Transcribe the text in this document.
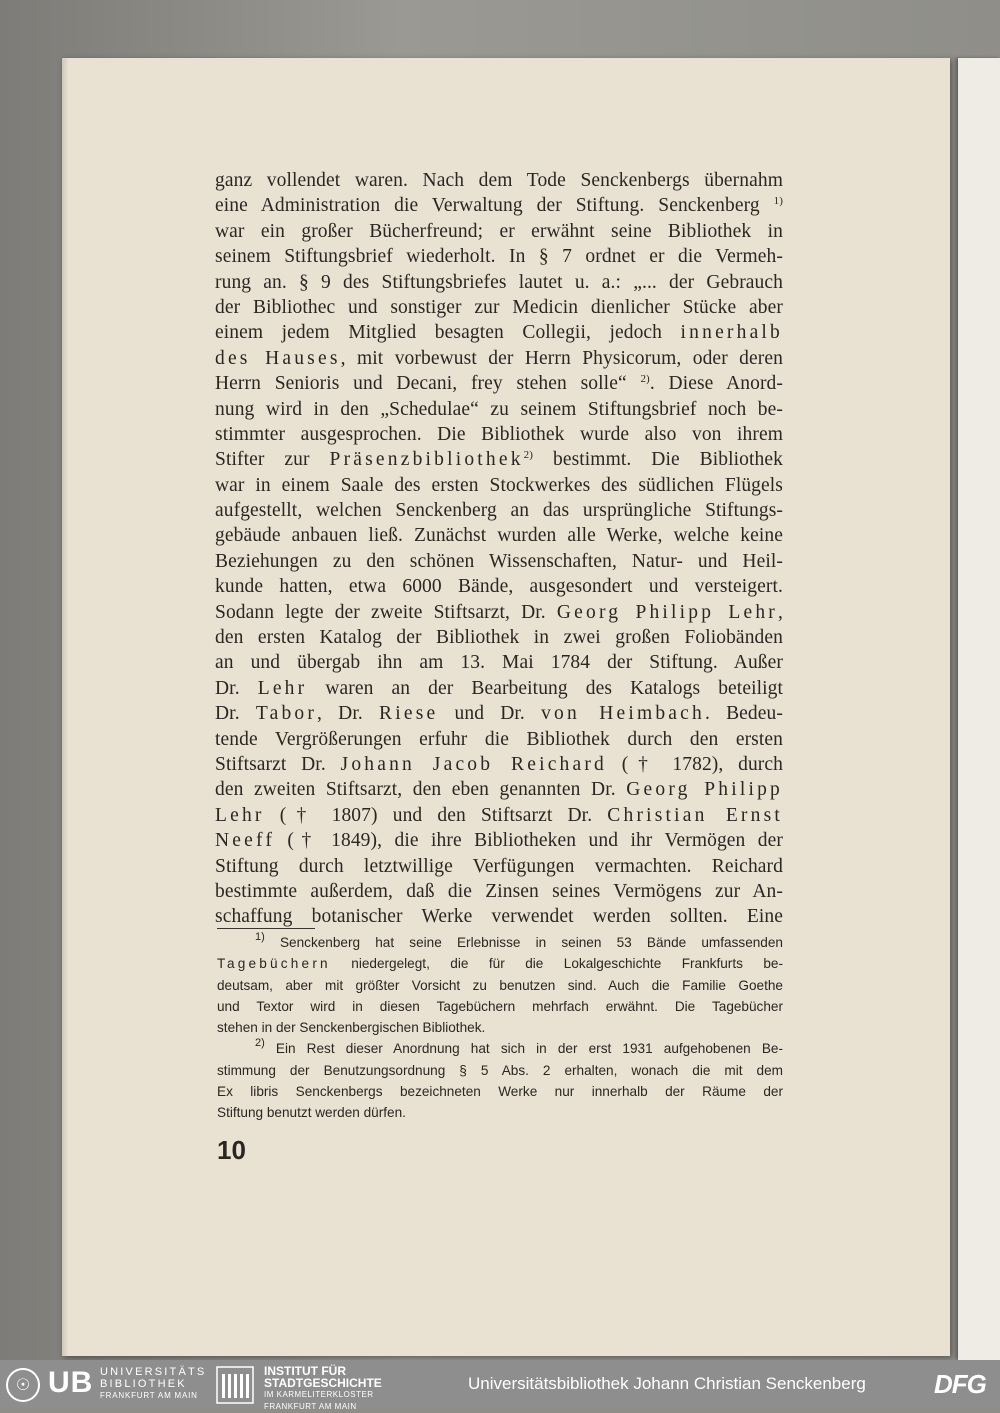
ganz vollendet waren. Nach dem Tode Senckenbergs übernahm
eine Administration die Verwaltung der Stiftung. Senckenberg $^{1)}$
war ein großer Bücherfreund; er erwähnt seine Bibliothek in
seinem Stiftungsbrief wiederholt. In § 7 ordnet er die Vermeh-
rung an. § 9 des Stiftungsbriefes lautet u. a.: „... der Gebrauch
der Bibliothec und sonstiger zur Medicin dienlicher Stücke aber
einem jedem Mitglied besagten Collegii, jedoch innerhalb
des Hauses, mit vorbewust der Herrn Physicorum, oder deren
Herrn Senioris und Decani, frey stehen solle“ $^{2)}$. Diese Anord-
nung wird in den „Schedulae“ zu seinem Stiftungsbrief noch be-
stimmter ausgesprochen. Die Bibliothek wurde also von ihrem
Stifter zur Präsenzbibliothek$^{2)}$ bestimmt. Die Bibliothek
war in einem Saale des ersten Stockwerkes des südlichen Flügels
aufgestellt, welchen Senckenberg an das ursprüngliche Stiftungs-
gebäude anbauen ließ. Zunächst wurden alle Werke, welche keine
Beziehungen zu den schönen Wissenschaften, Natur- und Heil-
kunde hatten, etwa 6000 Bände, ausgesondert und versteigert.
Sodann legte der zweite Stiftsarzt, Dr. Georg Philipp Lehr,
den ersten Katalog der Bibliothek in zwei großen Foliobänden
an und übergab ihn am 13. Mai 1784 der Stiftung. Außer
Dr. Lehr waren an der Bearbeitung des Katalogs beteiligt
Dr. Tabor, Dr. Riese und Dr. von Heimbach. Bedeu-
tende Vergrößerungen erfuhr die Bibliothek durch den ersten
Stiftsarzt Dr. Johann Jacob Reichard († 1782), durch
den zweiten Stiftsarzt, den eben genannten Dr. Georg Philipp
Lehr († 1807) und den Stiftsarzt Dr. Christian Ernst
Neeff († 1849), die ihre Bibliotheken und ihr Vermögen der
Stiftung durch letztwillige Verfügungen vermachten. Reichard
bestimmte außerdem, daß die Zinsen seines Vermögens zur An-
schaffung botanischer Werke verwendet werden sollten. Eine
$^{1)}$ Senckenberg hat seine Erlebnisse in seinen 53 Bände umfassenden
Tagebüchern niedergelegt, die für die Lokalgeschichte Frankfurts be-
deutsam, aber mit größter Vorsicht zu benutzen sind. Auch die Familie Goethe
und Textor wird in diesen Tagebüchern mehrfach erwähnt. Die Tagebücher
stehen in der Senckenbergischen Bibliothek.
$^{2)}$ Ein Rest dieser Anordnung hat sich in der erst 1931 aufgehobenen Be-
stimmung der Benutzungsordnung § 5 Abs. 2 erhalten, wonach die mit dem
Ex libris Senckenbergs bezeichneten Werke nur innerhalb der Räume der
Stiftung benutzt werden dürfen.
10
☉ UB UNIVERSITÄTS
BIBLIOTHEK
FRANKFURT AM MAIN
INSTITUT FÜR
STADTGESCHICHTE
IM KARMELITERKLOSTER
FRANKFURT AM MAIN
Universitätsbibliothek Johann Christian Senckenberg	DFG
